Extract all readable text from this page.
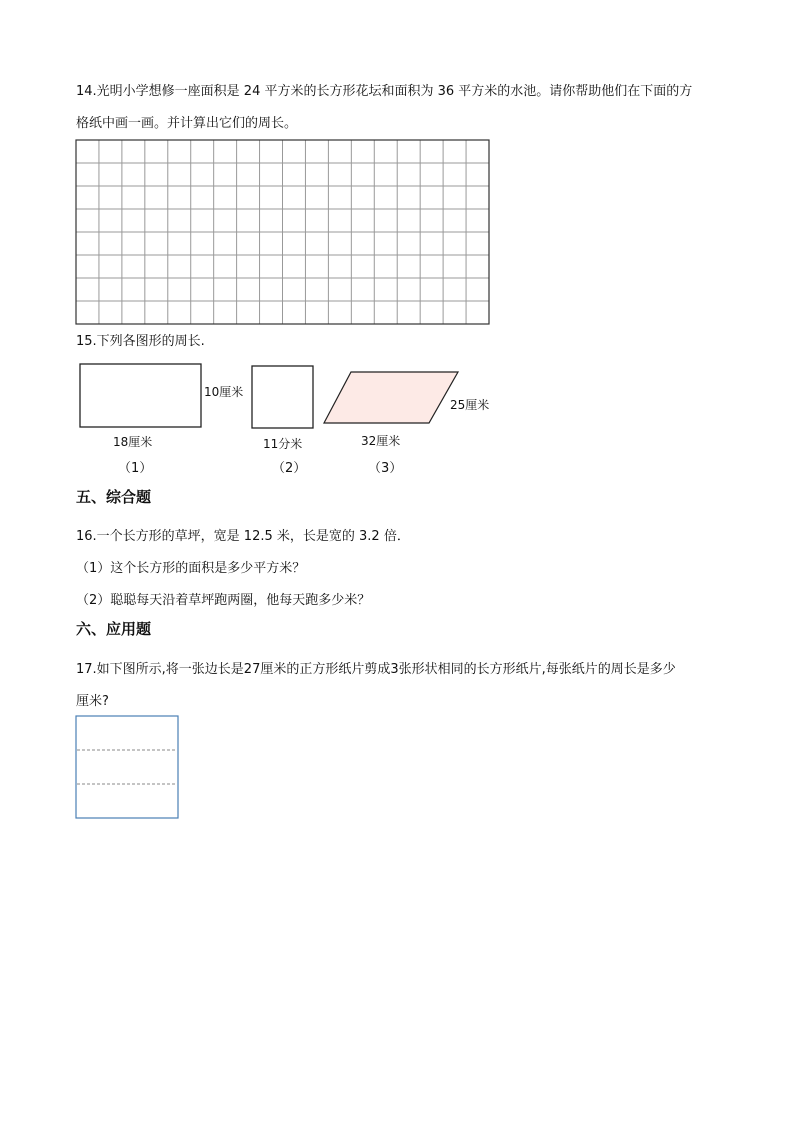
14.光明小学想修一座面积是 24 平方米的长方形花坛和面积为 36 平方米的水池。请你帮助他们在下面的方
格纸中画一画。并计算出它们的周长。
15.下列各图形的周长.
18厘米
10厘米
（1）
11分米
（2）
32厘米
25厘米
（3）
五、综合题
16.一个长方形的草坪，宽是 12.5 米，长是宽的 3.2 倍．
（1）这个长方形的面积是多少平方米？
（2）聪聪每天沿着草坪跑两圈，他每天跑多少米？
六、应用题
17.如下图所示,将一张边长是27厘米的正方形纸片剪成3张形状相同的长方形纸片,每张纸片的周长是多少
厘米?
